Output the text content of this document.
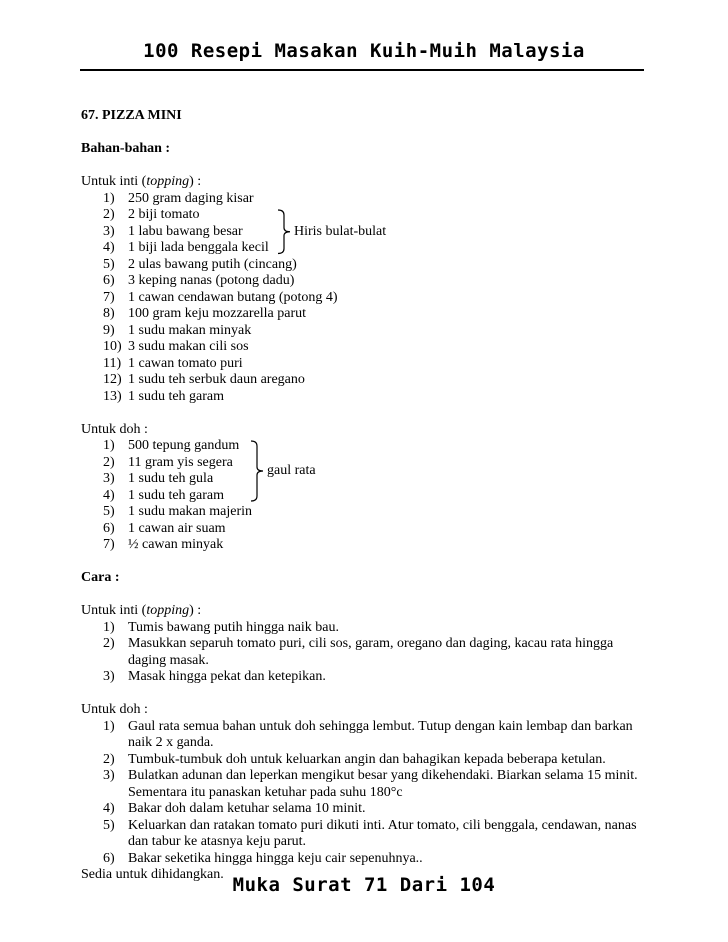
100 Resepi Masakan Kuih-Muih Malaysia
67. PIZZA MINI
Bahan-bahan :
Untuk inti (topping) :
1) 250 gram daging kisar
2) 2 biji tomato
3) 1 labu bawang besar
4) 1 biji lada benggala kecil
5) 2 ulas bawang putih (cincang)
6) 3 keping nanas (potong dadu)
7) 1 cawan cendawan butang (potong 4)
8) 100 gram keju mozzarella parut
9) 1 sudu makan minyak
10) 3 sudu makan cili sos
11) 1 cawan tomato puri
12) 1 sudu teh serbuk daun aregano
13) 1 sudu teh garam
Hiris bulat-bulat
Untuk doh :
1) 500 tepung gandum
2) 11 gram yis segera
3) 1 sudu teh gula
4) 1 sudu teh garam
5) 1 sudu makan majerin
6) 1 cawan air suam
7) ½ cawan minyak
gaul rata
Cara :
Untuk inti (topping) :
1) Tumis bawang putih hingga naik bau.
2) Masukkan separuh tomato puri, cili sos, garam, oregano dan daging, kacau rata hingga daging masak.
3) Masak hingga pekat dan ketepikan.
Untuk doh :
1) Gaul rata semua bahan untuk doh sehingga lembut. Tutup dengan kain lembap dan barkan naik 2 x ganda.
2) Tumbuk-tumbuk doh untuk keluarkan angin dan bahagikan kepada beberapa ketulan.
3) Bulatkan adunan dan leperkan mengikut besar yang dikehendaki. Biarkan selama 15 minit. Sementara itu panaskan ketuhar pada suhu 180°c
4) Bakar doh dalam ketuhar selama 10 minit.
5) Keluarkan dan ratakan tomato puri dikuti inti. Atur tomato, cili benggala, cendawan, nanas dan tabur ke atasnya keju parut.
6) Bakar seketika hingga hingga keju cair sepenuhnya..
Sedia untuk dihidangkan. Muka Surat 71 Dari 104
